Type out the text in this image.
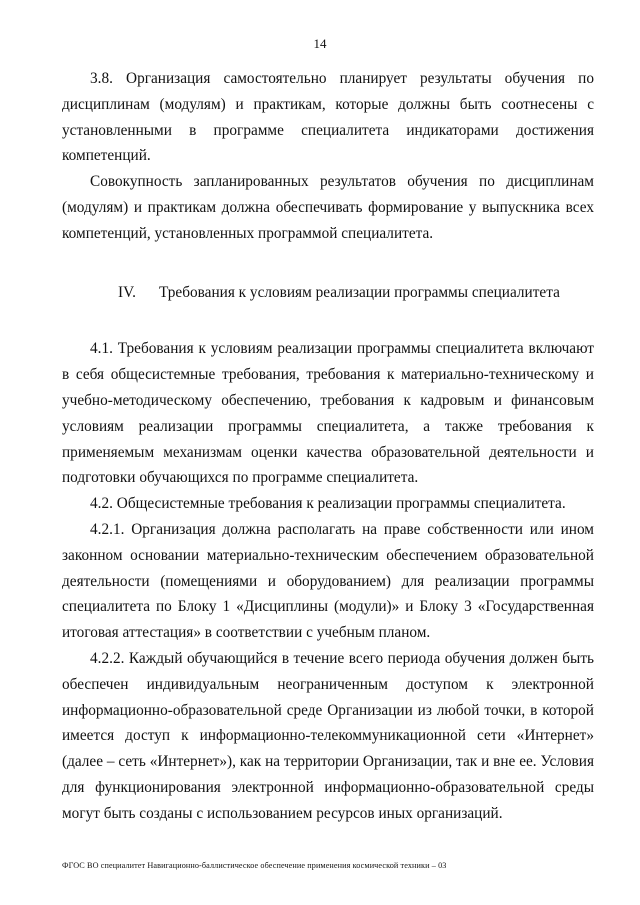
14

3.8. Организация самостоятельно планирует результаты обучения по дисциплинам (модулям) и практикам, которые должны быть соотнесены с установленными в программе специалитета индикаторами достижения компетенций.

Совокупность запланированных результатов обучения по дисциплинам (модулям) и практикам должна обеспечивать формирование у выпускника всех компетенций, установленных программой специалитета.

IV. Требования к условиям реализации программы специалитета

4.1. Требования к условиям реализации программы специалитета включают в себя общесистемные требования, требования к материально-техническому и учебно-методическому обеспечению, требования к кадровым и финансовым условиям реализации программы специалитета, а также требования к применяемым механизмам оценки качества образовательной деятельности и подготовки обучающихся по программе специалитета.

4.2. Общесистемные требования к реализации программы специалитета.

4.2.1. Организация должна располагать на праве собственности или ином законном основании материально-техническим обеспечением образовательной деятельности (помещениями и оборудованием) для реализации программы специалитета по Блоку 1 «Дисциплины (модули)» и Блоку 3 «Государственная итоговая аттестация» в соответствии с учебным планом.

4.2.2. Каждый обучающийся в течение всего периода обучения должен быть обеспечен индивидуальным неограниченным доступом к электронной информационно-образовательной среде Организации из любой точки, в которой имеется доступ к информационно-телекоммуникационной сети «Интернет» (далее – сеть «Интернет»), как на территории Организации, так и вне ее. Условия для функционирования электронной информационно-образовательной среды могут быть созданы с использованием ресурсов иных организаций.

ФГОС ВО специалитет Навигационно-баллистическое обеспечение применения космической техники – 03
